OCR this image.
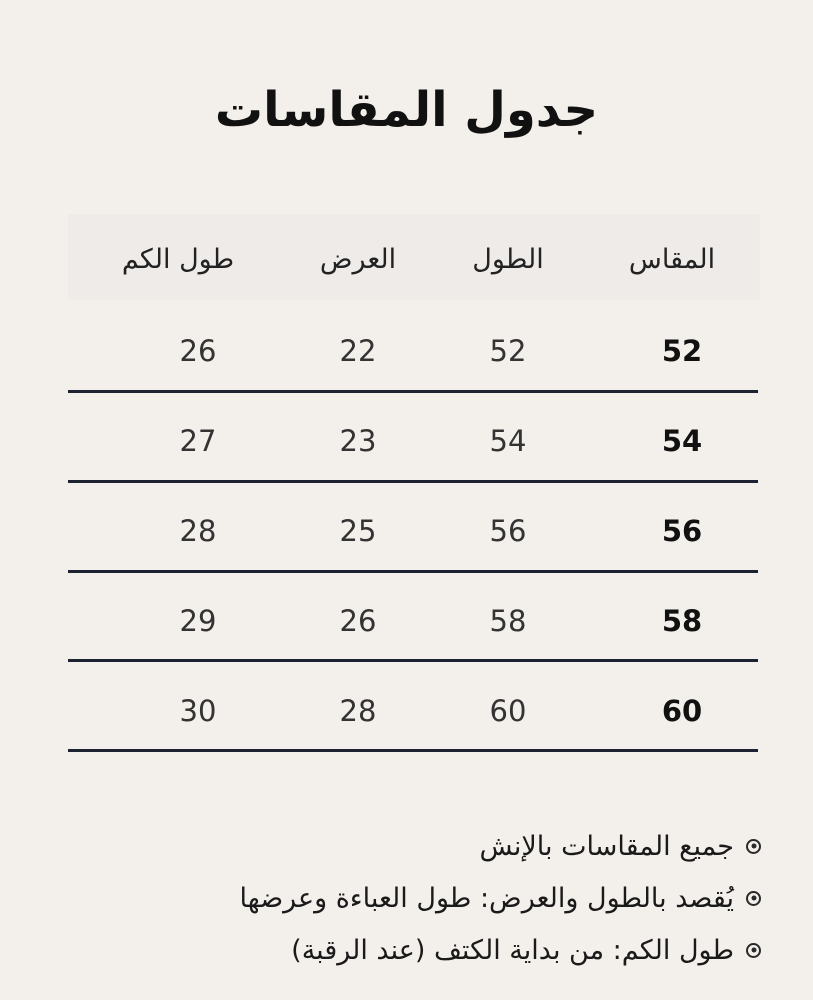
جدول المقاسات
المقاس
الطول
العرض
طول الكم
52
52
22
26
54
54
23
27
56
56
25
28
58
58
26
29
60
60
28
30
جميع المقاسات بالإنش
يُقصد بالطول والعرض: طول العباءة وعرضها
طول الكم: من بداية الكتف (عند الرقبة)
